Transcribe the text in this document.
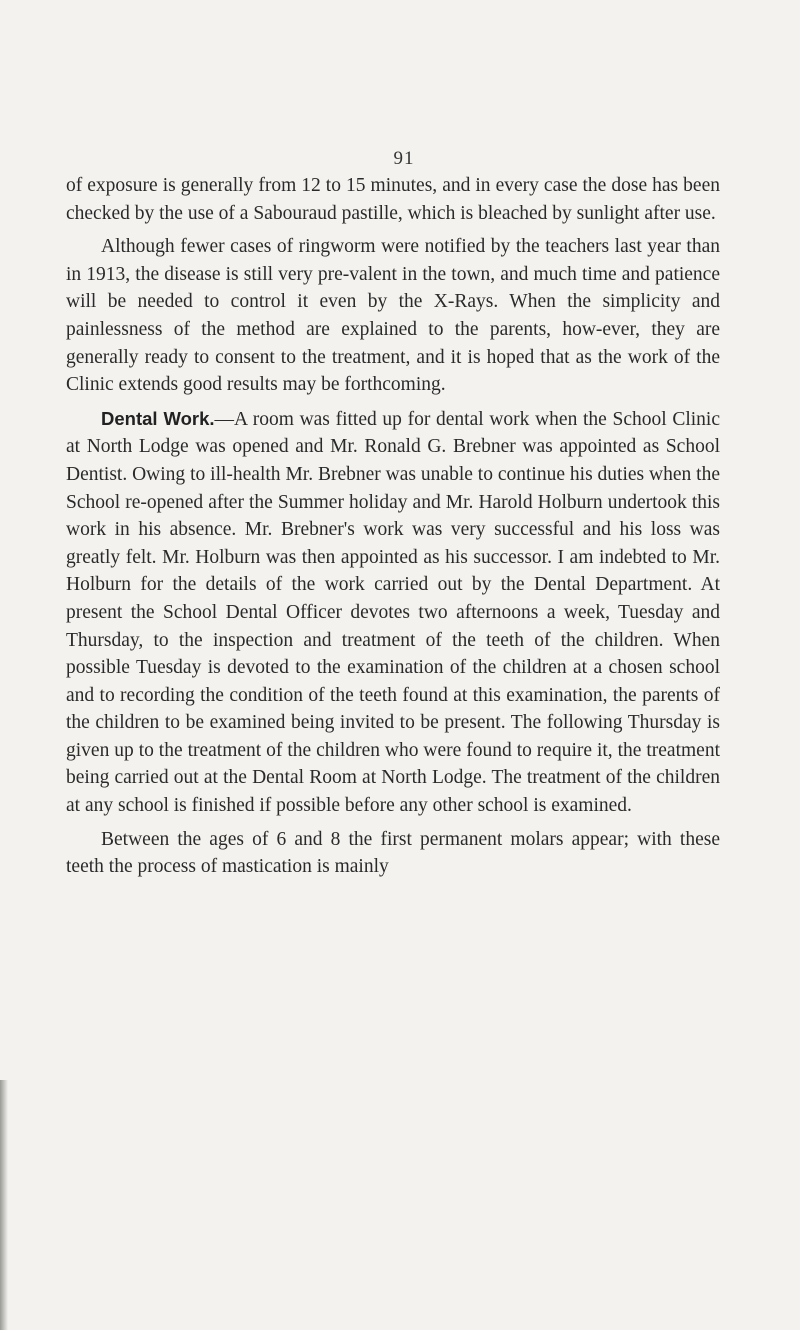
91

of exposure is generally from 12 to 15 minutes, and in every case the dose has been checked by the use of a Sabouraud pastille, which is bleached by sunlight after use.

Although fewer cases of ringworm were notified by the teachers last year than in 1913, the disease is still very pre-valent in the town, and much time and patience will be needed to control it even by the X-Rays. When the simplicity and painlessness of the method are explained to the parents, how-ever, they are generally ready to consent to the treatment, and it is hoped that as the work of the Clinic extends good results may be forthcoming.

Dental Work.—A room was fitted up for dental work when the School Clinic at North Lodge was opened and Mr. Ronald G. Brebner was appointed as School Dentist. Owing to ill-health Mr. Brebner was unable to continue his duties when the School re-opened after the Summer holiday and Mr. Harold Holburn undertook this work in his absence. Mr. Brebner's work was very successful and his loss was greatly felt. Mr. Holburn was then appointed as his successor. I am indebted to Mr. Holburn for the details of the work carried out by the Dental Department. At present the School Dental Officer devotes two afternoons a week, Tuesday and Thursday, to the inspection and treatment of the teeth of the children. When possible Tuesday is devoted to the examination of the children at a chosen school and to recording the condition of the teeth found at this examination, the parents of the children to be examined being invited to be present. The following Thursday is given up to the treatment of the children who were found to require it, the treatment being carried out at the Dental Room at North Lodge. The treatment of the children at any school is finished if possible before any other school is examined.

Between the ages of 6 and 8 the first permanent molars appear; with these teeth the process of mastication is mainly
